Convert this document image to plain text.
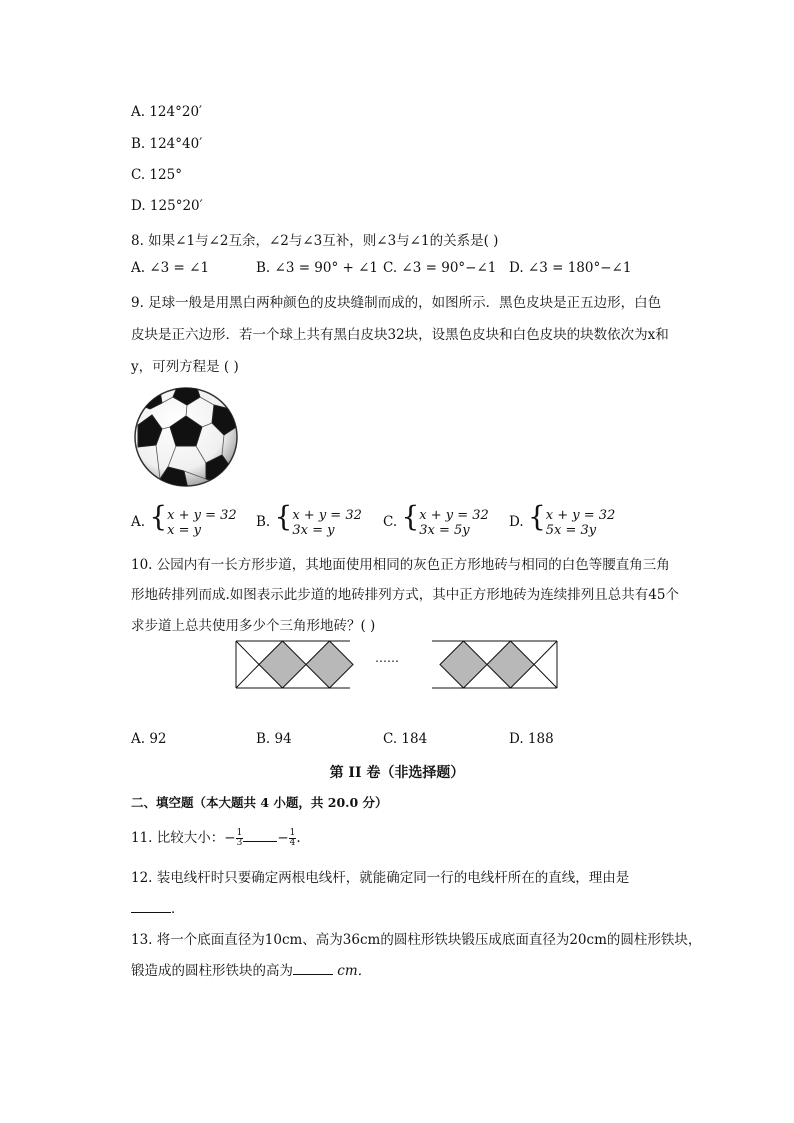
A. 124°20′
B. 124°40′
C. 125°
D. 125°20′
8. 如果∠1与∠2互余，∠2与∠3互补，则∠3与∠1的关系是( )
A. ∠3 = ∠1	B. ∠3 = 90° + ∠1 C. ∠3 = 90°−∠1 D. ∠3 = 180°−∠1
9. 足球一般是用黑白两种颜色的皮块缝制而成的，如图所示．黑色皮块是正五边形，白色
皮块是正六边形．若一个球上共有黑白皮块32块，设黑色皮块和白色皮块的块数依次为x和
y，可列方程是 ( )
A. { x + y = 32
x = y	B. { x + y = 32
3x = y	C. { x + y = 32
3x = 5y	D. { x + y = 32
5x = 3y
10. 公园内有一长方形步道，其地面使用相同的灰色正方形地砖与相同的白色等腰直角三角
形地砖排列而成.如图表示此步道的地砖排列方式，其中正方形地砖为连续排列且总共有45个
求步道上总共使用多少个三角形地砖？( )
……
A. 92	B. 94	C. 184	D. 188
第 II 卷（非选择题）
二、填空题（本大题共 4 小题，共 20.0 分）
11. 比较大小：− $\frac{1}{3}$	− $\frac{1}{4}$ .
12. 装电线杆时只要确定两根电线杆，就能确定同一行的电线杆所在的直线，理由是
．
13. 将一个底面直径为10cm、高为36cm的圆柱形铁块锻压成底面直径为20cm的圆柱形铁块，
锻造成的圆柱形铁块的高为	cm．
